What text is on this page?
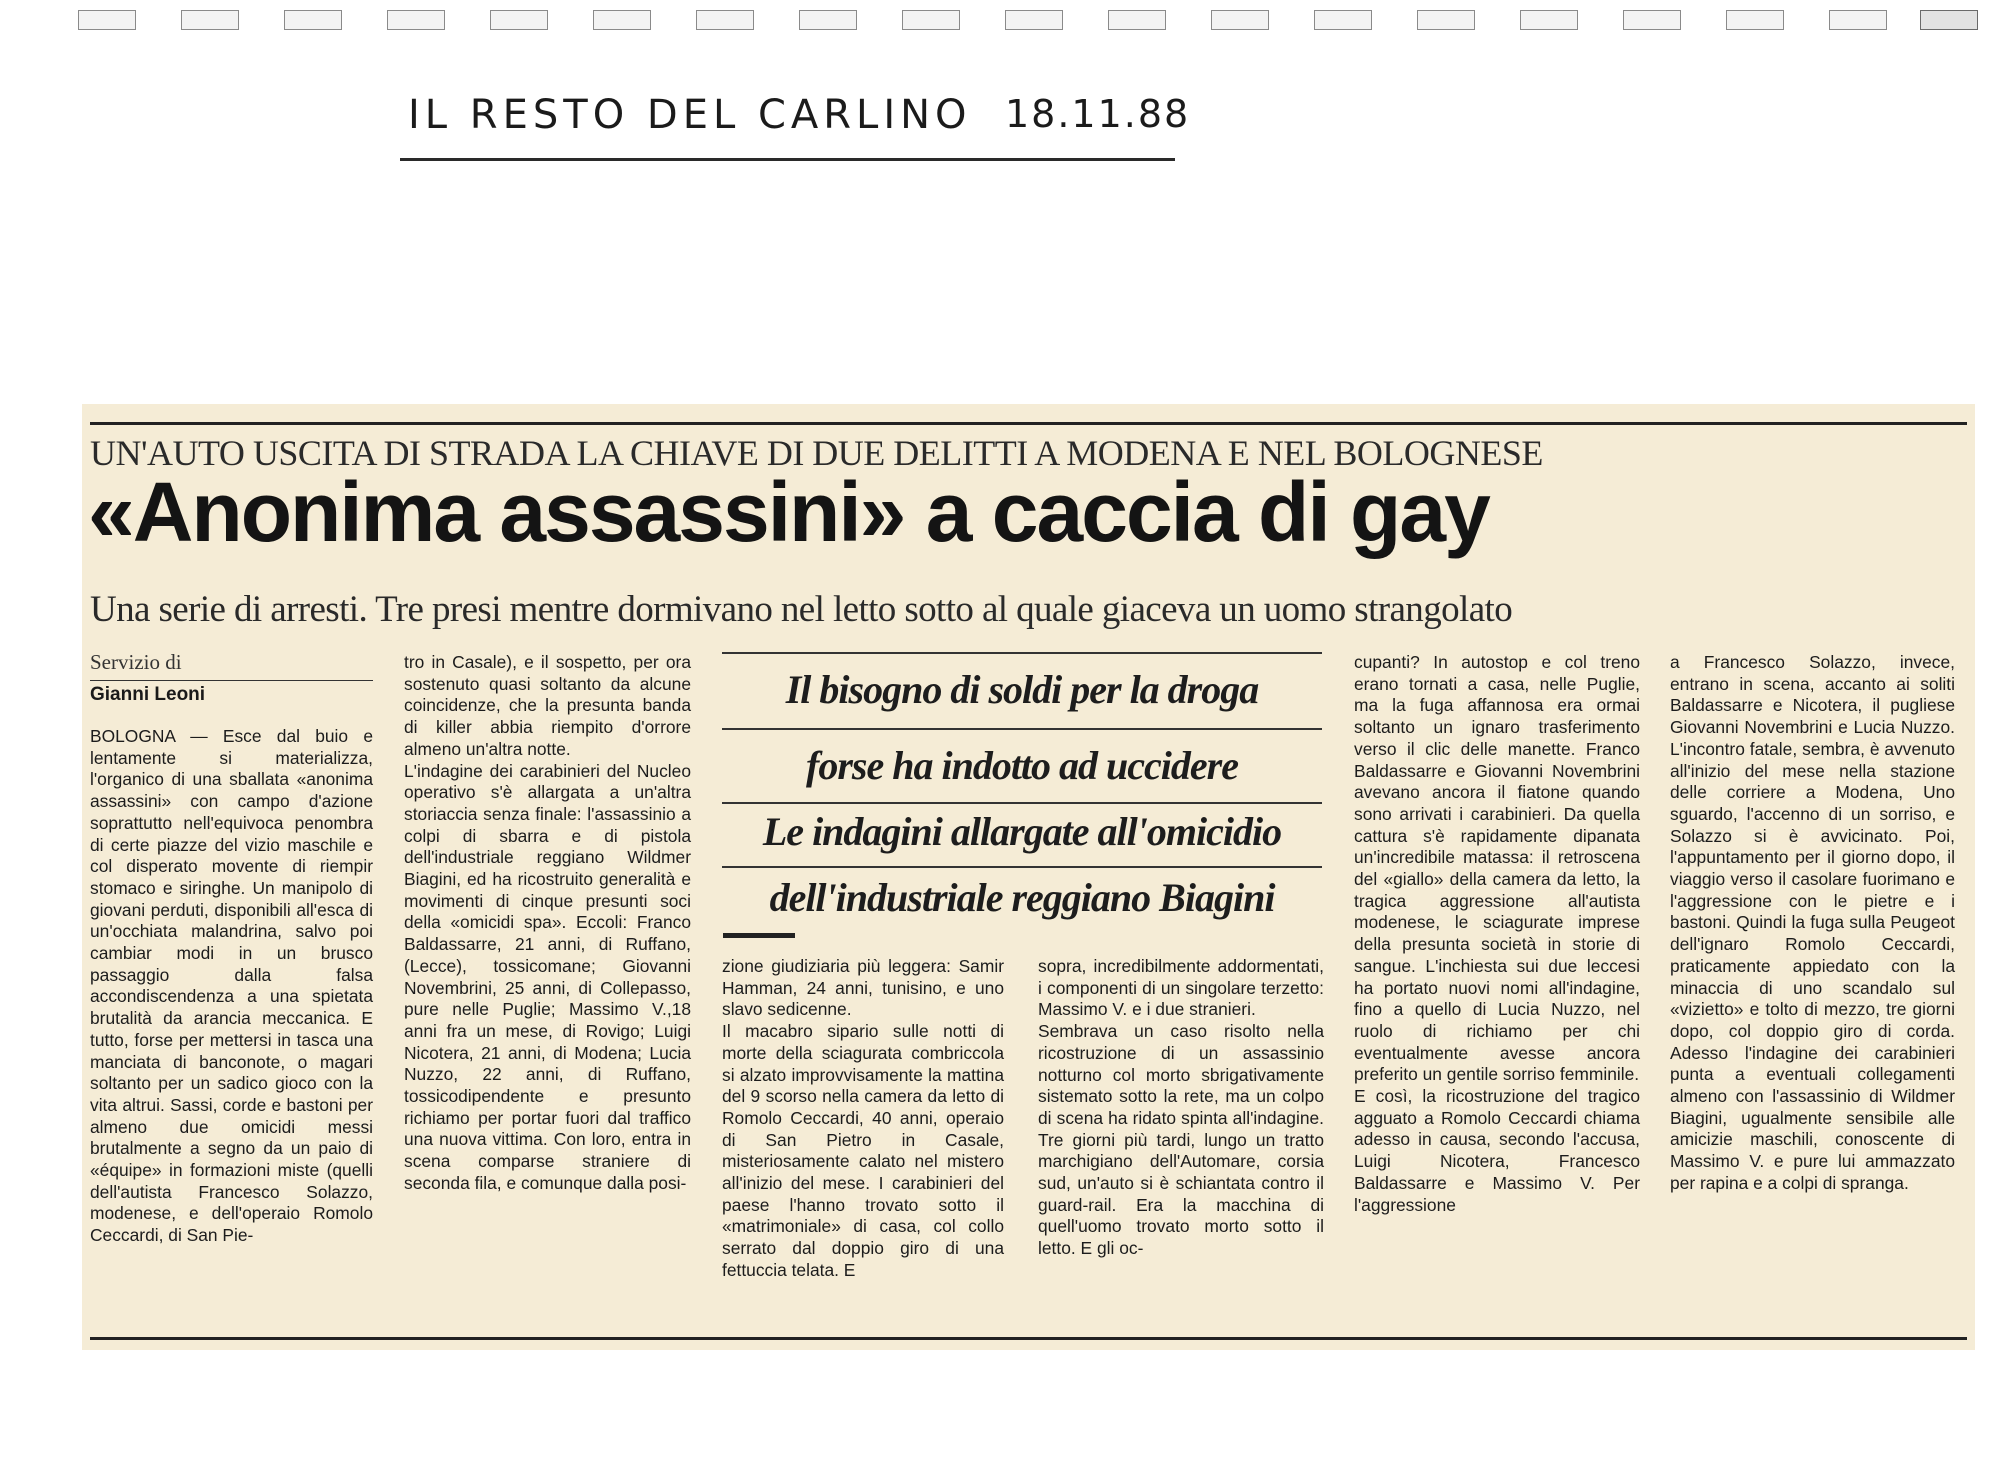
IL RESTO DEL CARLINO 18.11.88
UN'AUTO USCITA DI STRADA LA CHIAVE DI DUE DELITTI A MODENA E NEL BOLOGNESE
«Anonima assassini» a caccia di gay
Una serie di arresti. Tre presi mentre dormivano nel letto sotto al quale giaceva un uomo strangolato
Servizio di
Gianni Leoni

BOLOGNA — Esce dal buio e lentamente si materializza, l'organico di una sballata «anonima assassini» con campo d'azione soprattutto nell'equivoca penombra di certe piazze del vizio maschile e col disperato movente di riempir stomaco e siringhe. Un manipolo di giovani perduti, disponibili all'esca di un'occhiata malandrina, salvo poi cambiar modi in un brusco passaggio dalla falsa accondiscendenza a una spietata brutalità da arancia meccanica. E tutto, forse per mettersi in tasca una manciata di banconote, o magari soltanto per un sadico gioco con la vita altrui. Sassi, corde e bastoni per almeno due omicidi messi brutalmente a segno da un paio di «équipe» in formazioni miste (quelli dell'autista Francesco Solazzo, modenese, e dell'operaio Romolo Ceccardi, di San Pie-

tro in Casale), e il sospetto, per ora sostenuto quasi soltanto da alcune coincidenze, che la presunta banda di killer abbia riempito d'orrore almeno un'altra notte.

L'indagine dei carabinieri del Nucleo operativo s'è allargata a un'altra storiaccia senza finale: l'assassinio a colpi di sbarra e di pistola dell'industriale reggiano Wildmer Biagini, ed ha ricostruito generalità e movimenti di cinque presunti soci della «omicidi spa». Eccoli: Franco Baldassarre, 21 anni, di Ruffano,(Lecce), tossicomane; Giovanni Novembrini, 25 anni, di Collepasso, pure nelle Puglie; Massimo V.,18 anni fra un mese, di Rovigo; Luigi Nicotera, 21 anni, di Modena; Lucia Nuzzo, 22 anni, di Ruffano, tossicodipendente e presunto richiamo per portar fuori dal traffico una nuova vittima. Con loro, entra in scena comparse straniere di seconda fila, e comunque dalla posi-

Il bisogno di soldi per la droga
forse ha indotto ad uccidere
Le indagini allargate all'omicidio
dell'industriale reggiano Biagini

zione giudiziaria più leggera: Samir Hamman, 24 anni, tunisino, e uno slavo sedicenne.

Il macabro sipario sulle notti di morte della sciagurata combriccola si alzato improvvisamente la mattina del 9 scorso nella camera da letto di Romolo Ceccardi, 40 anni, operaio di San Pietro in Casale, misteriosamente calato nel mistero all'inizio del mese. I carabinieri del paese l'hanno trovato sotto il «matrimoniale» di casa, col collo serrato dal doppio giro di una fettuccia telata. E

sopra, incredibilmente addormentati, i componenti di un singolare terzetto: Massimo V. e i due stranieri.

Sembrava un caso risolto nella ricostruzione di un assassinio notturno col morto sbrigativamente sistemato sotto la rete, ma un colpo di scena ha ridato spinta all'indagine. Tre giorni più tardi, lungo un tratto marchigiano dell'Automare, corsia sud, un'auto si è schiantata contro il guard-rail. Era la macchina di quell'uomo trovato morto sotto il letto. E gli oc-

cupanti? In autostop e col treno erano tornati a casa, nelle Puglie, ma la fuga affannosa era ormai soltanto un ignaro trasferimento verso il clic delle manette. Franco Baldassarre e Giovanni Novembrini avevano ancora il fiatone quando sono arrivati i carabinieri. Da quella cattura s'è rapidamente dipanata un'incredibile matassa: il retroscena del «giallo» della camera da letto, la tragica aggressione all'autista modenese, le sciagurate imprese della presunta società in storie di sangue. L'inchiesta sui due leccesi ha portato nuovi nomi all'indagine, fino a quello di Lucia Nuzzo, nel ruolo di richiamo per chi eventualmente avesse ancora preferito un gentile sorriso femminile.

E così, la ricostruzione del tragico agguato a Romolo Ceccardi chiama adesso in causa, secondo l'accusa, Luigi Nicotera, Francesco Baldassarre e Massimo V. Per l'aggressione

a Francesco Solazzo, invece, entrano in scena, accanto ai soliti Baldassarre e Nicotera, il pugliese Giovanni Novembrini e Lucia Nuzzo. L'incontro fatale, sembra, è avvenuto all'inizio del mese nella stazione delle corriere a Modena, Uno sguardo, l'accenno di un sorriso, e Solazzo si è avvicinato. Poi, l'appuntamento per il giorno dopo, il viaggio verso il casolare fuorimano e l'aggressione con le pietre e i bastoni. Quindi la fuga sulla Peugeot dell'ignaro Romolo Ceccardi, praticamente appiedato con la minaccia di uno scandalo sul «vizietto» e tolto di mezzo, tre giorni dopo, col doppio giro di corda. Adesso l'indagine dei carabinieri punta a eventuali collegamenti almeno con l'assassinio di Wildmer Biagini, ugualmente sensibile alle amicizie maschili, conoscente di Massimo V. e pure lui ammazzato per rapina e a colpi di spranga.
